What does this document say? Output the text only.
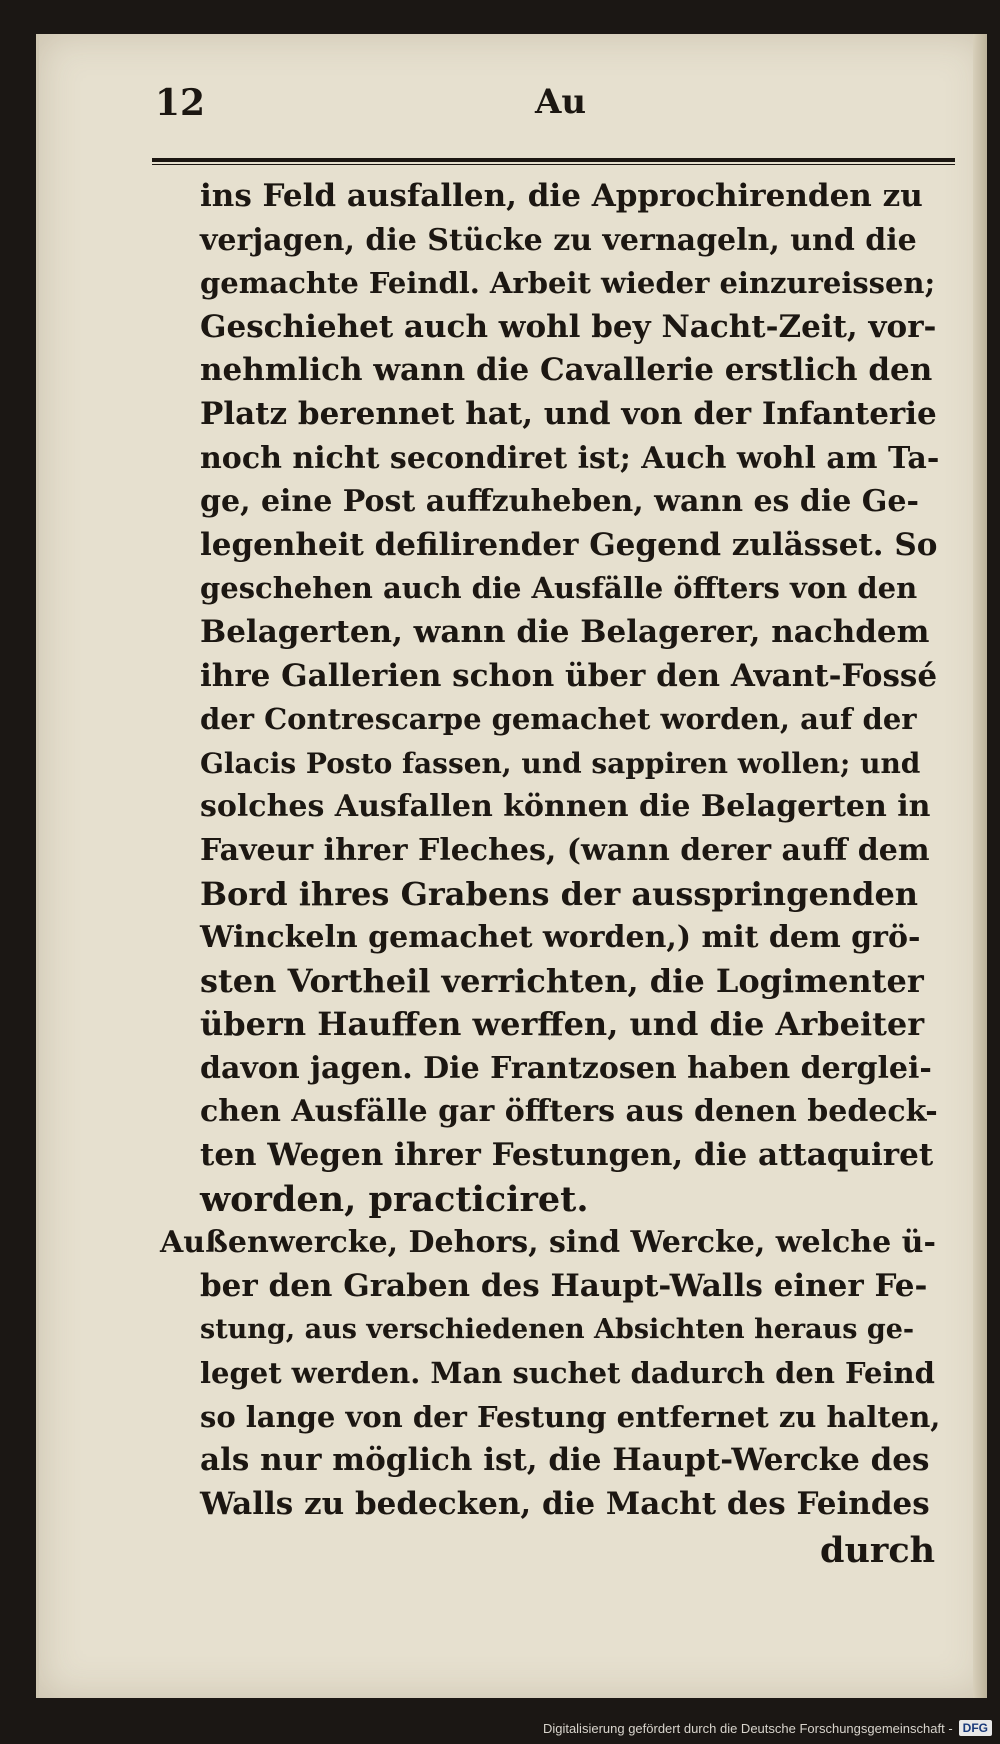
12	Au
ins Feld ausfallen, die Approchirenden zu
verjagen, die Stücke zu vernageln, und die
gemachte Feindl. Arbeit wieder einzureissen;
Geschiehet auch wohl bey Nacht-Zeit, vor-
nehmlich wann die Cavallerie erstlich den
Platz berennet hat, und von der Infanterie
noch nicht secondiret ist; Auch wohl am Ta-
ge, eine Post auffzuheben, wann es die Ge-
legenheit defilirender Gegend zulässet. So
geschehen auch die Ausfälle öffters von den
Belagerten, wann die Belagerer, nachdem
ihre Gallerien schon über den Avant-Fossé
der Contrescarpe gemachet worden, auf der
Glacis Posto fassen, und sappiren wollen; und
solches Ausfallen können die Belagerten in
Faveur ihrer Fleches, (wann derer auff dem
Bord ihres Grabens der ausspringenden
Winckeln gemachet worden,) mit dem grö-
sten Vortheil verrichten, die Logimenter
übern Hauffen werffen, und die Arbeiter
davon jagen. Die Frantzosen haben derglei-
chen Ausfälle gar öffters aus denen bedeck-
ten Wegen ihrer Festungen, die attaquiret
worden, practiciret.
Außenwercke, Dehors, sind Wercke, welche ü-
ber den Graben des Haupt-Walls einer Fe-
stung, aus verschiedenen Absichten heraus ge-
leget werden. Man suchet dadurch den Feind
so lange von der Festung entfernet zu halten,
als nur möglich ist, die Haupt-Wercke des
Walls zu bedecken, die Macht des Feindes
durch
Digitalisierung gefördert durch die Deutsche Forschungsgemeinschaft - DFG
